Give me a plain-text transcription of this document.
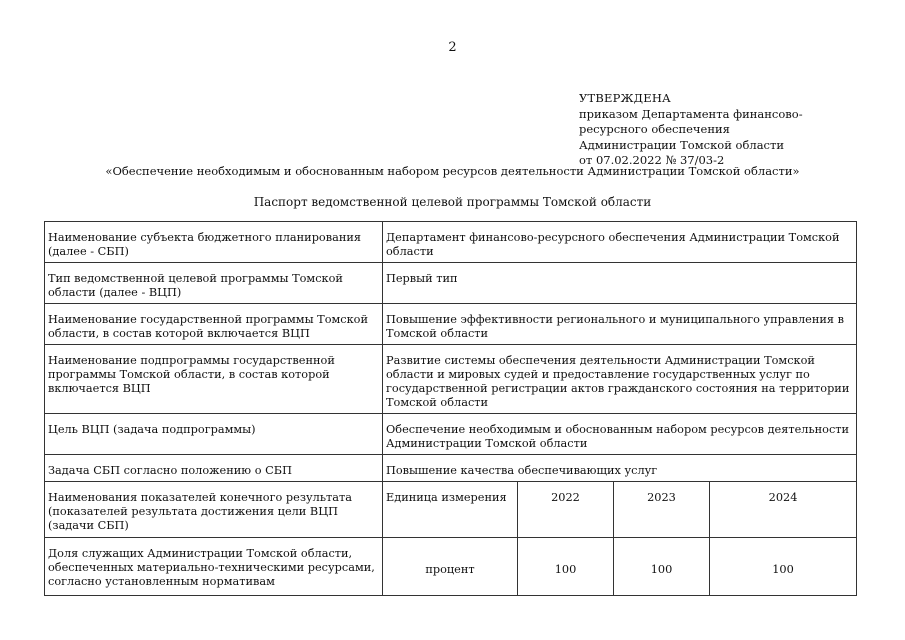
2
УТВЕРЖДЕНА
приказом Департамента финансово-
ресурсного обеспечения
Администрации Томской области
от 07.02.2022 № 37/03-2
«Обеспечение необходимым и обоснованным набором ресурсов деятельности Администрации Томской области»
Паспорт ведомственной целевой программы Томской области
Наименование субъекта бюджетного планирования (далее - СБП)	Департамент финансово-ресурсного обеспечения Администрации Томской области			
Тип ведомственной целевой программы Томской области (далее - ВЦП)	Первый тип			
Наименование государственной программы Томской области, в состав которой включается ВЦП	Повышение эффективности регионального и муниципального управления в Томской области			
Наименование подпрограммы государственной программы Томской области, в состав которой включается ВЦП	Развитие системы обеспечения деятельности Администрации Томской области и мировых судей и предоставление государственных услуг по государственной регистрации актов гражданского состояния на территории Томской области			
Цель ВЦП (задача подпрограммы)	Обеспечение необходимым и обоснованным набором ресурсов деятельности Администрации Томской области			
Задача СБП согласно положению о СБП	Повышение качества обеспечивающих услуг			
Наименования показателей конечного результата (показателей результата достижения цели ВЦП (задачи СБП)	Единица измерения	2022	2023	2024
Доля служащих Администрации Томской области, обеспеченных материально-техническими ресурсами, согласно установленным нормативам	процент	100	100	100
